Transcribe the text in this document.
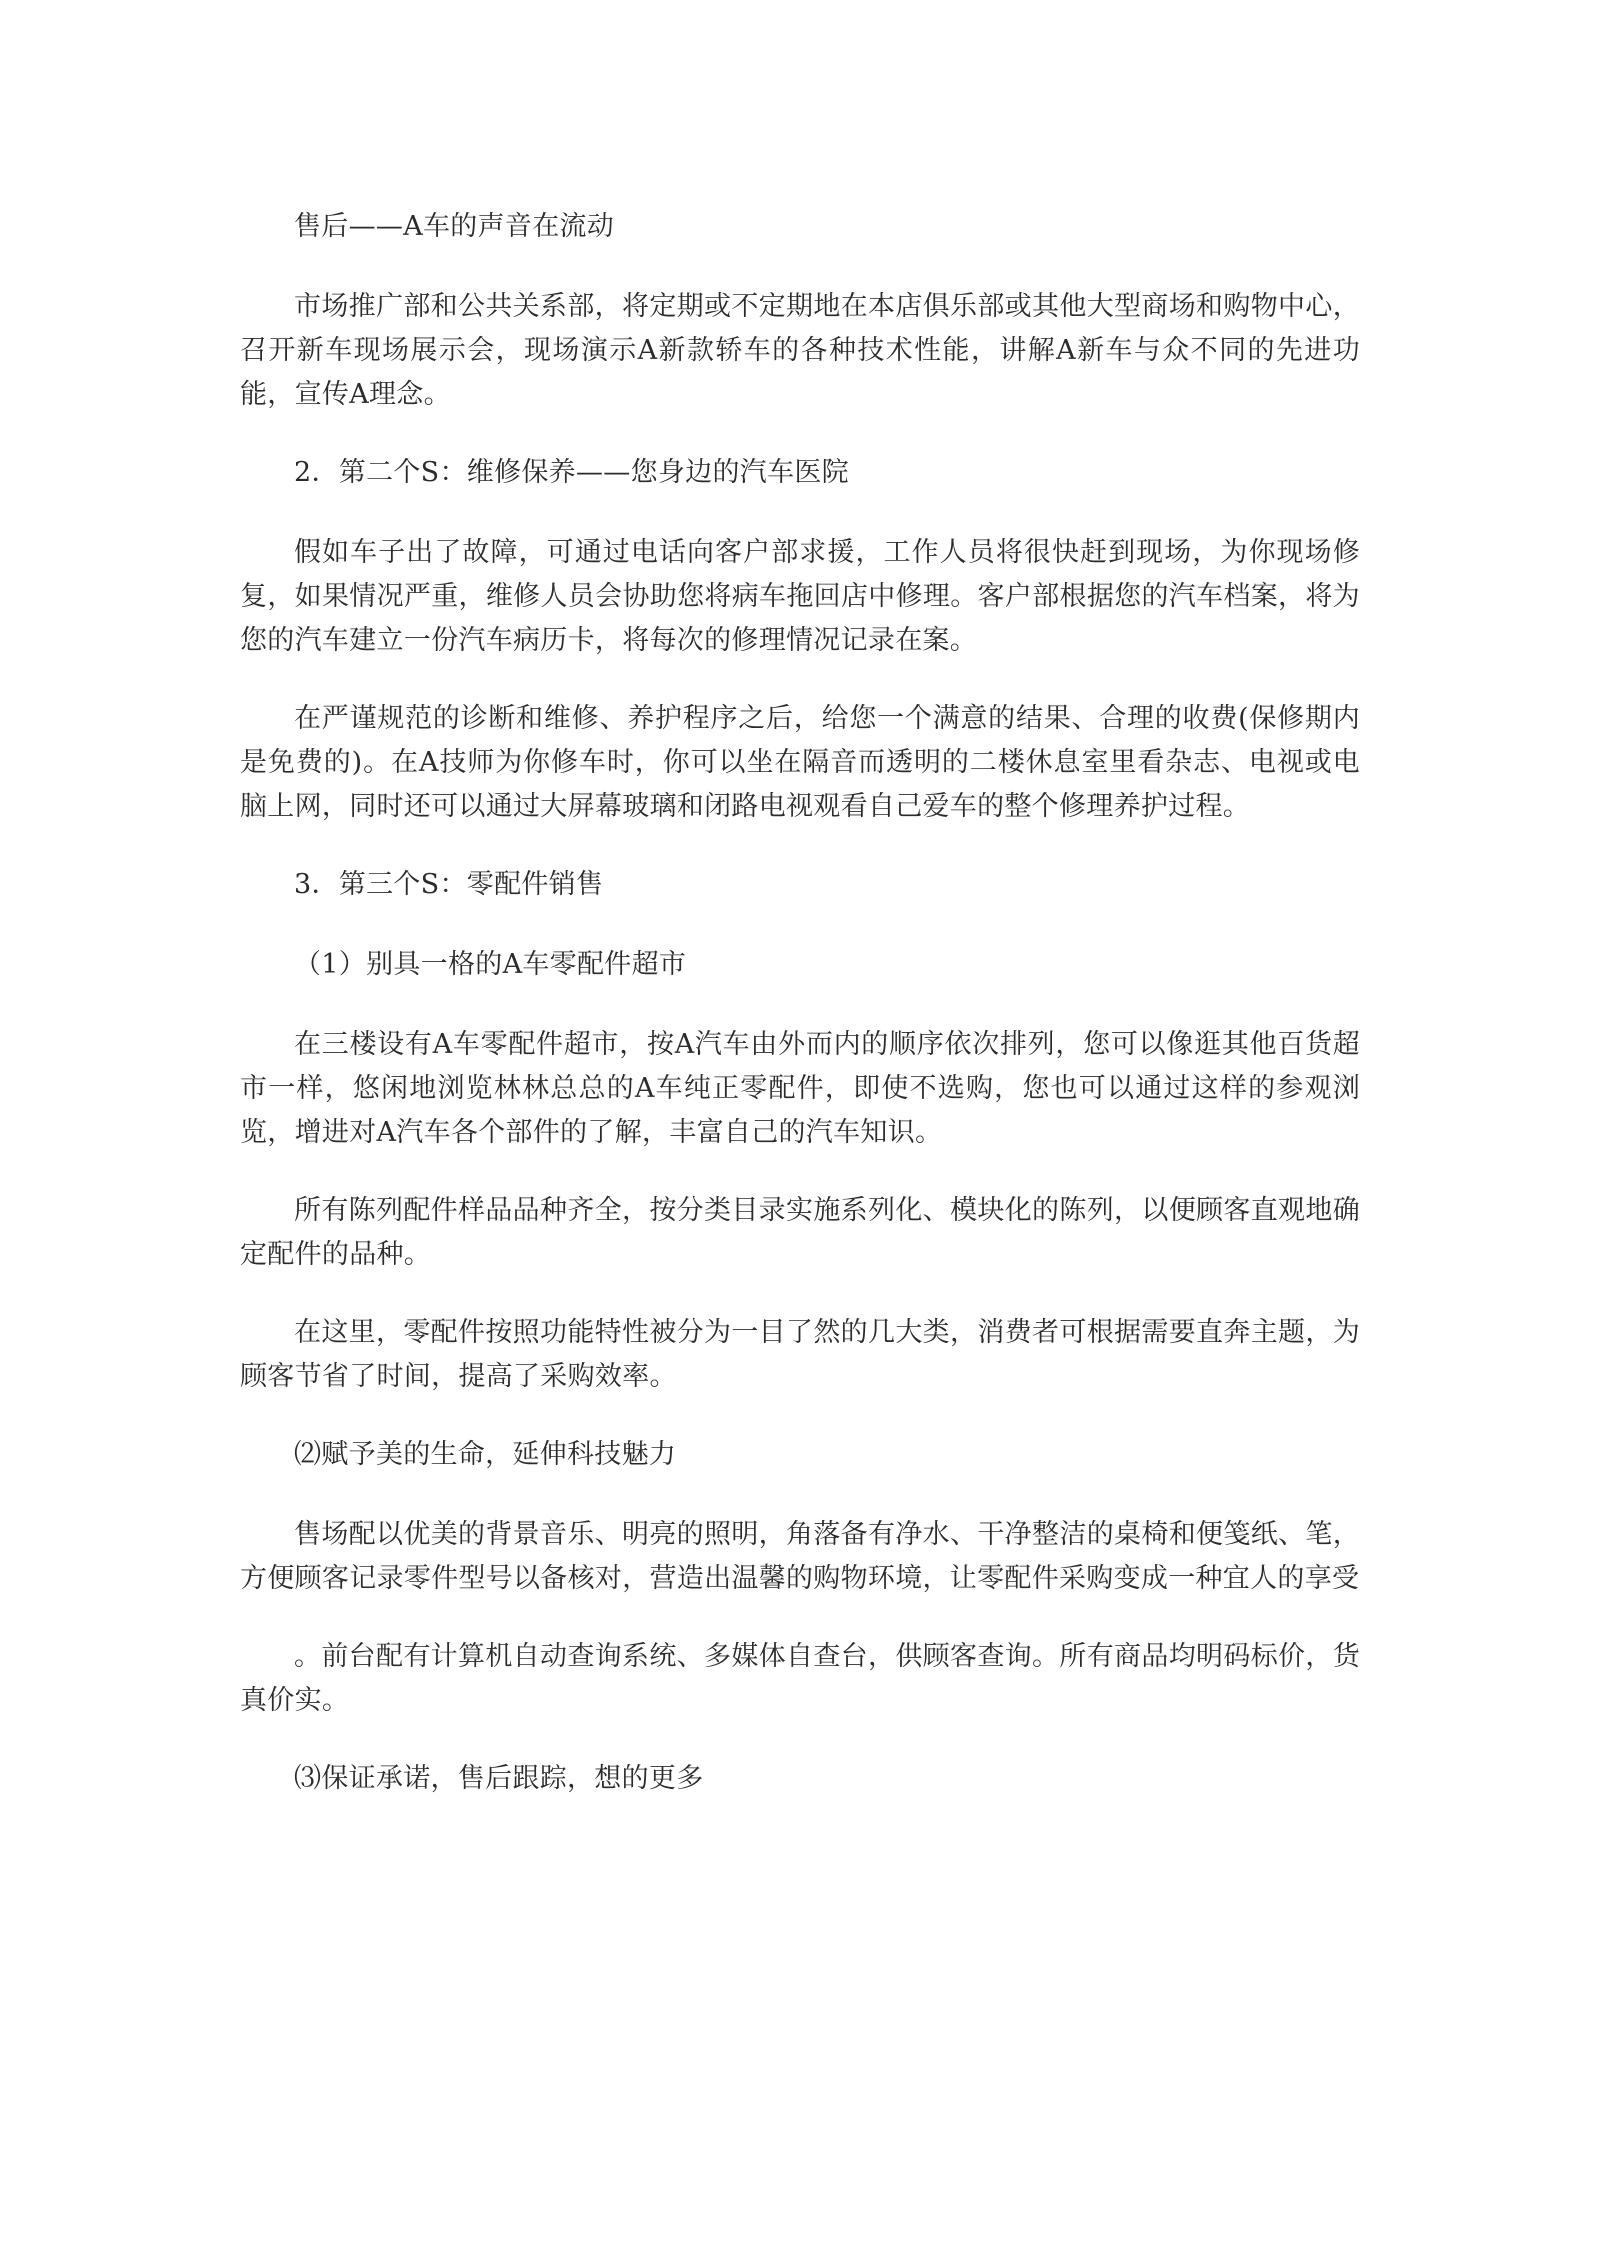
售后——A车的声音在流动

市场推广部和公共关系部，将定期或不定期地在本店俱乐部或其他大型商场和购物中心，召开新车现场展示会，现场演示A新款轿车的各种技术性能，讲解A新车与众不同的先进功能，宣传A理念。

2．第二个S：维修保养——您身边的汽车医院

假如车子出了故障，可通过电话向客户部求援，工作人员将很快赶到现场，为你现场修复，如果情况严重，维修人员会协助您将病车拖回店中修理。客户部根据您的汽车档案，将为您的汽车建立一份汽车病历卡，将每次的修理情况记录在案。

在严谨规范的诊断和维修、养护程序之后，给您一个满意的结果、合理的收费(保修期内是免费的)。在A技师为你修车时，你可以坐在隔音而透明的二楼休息室里看杂志、电视或电脑上网，同时还可以通过大屏幕玻璃和闭路电视观看自己爱车的整个修理养护过程。

3．第三个S：零配件销售

（1）别具一格的A车零配件超市

在三楼设有A车零配件超市，按A汽车由外而内的顺序依次排列，您可以像逛其他百货超市一样，悠闲地浏览林林总总的A车纯正零配件，即使不选购，您也可以通过这样的参观浏览，增进对A汽车各个部件的了解，丰富自己的汽车知识。

所有陈列配件样品品种齐全，按分类目录实施系列化、模块化的陈列，以便顾客直观地确定配件的品种。

在这里，零配件按照功能特性被分为一目了然的几大类，消费者可根据需要直奔主题，为顾客节省了时间，提高了采购效率。

⑵赋予美的生命，延伸科技魅力

售场配以优美的背景音乐、明亮的照明，角落备有净水、干净整洁的桌椅和便笺纸、笔，方便顾客记录零件型号以备核对，营造出温馨的购物环境，让零配件采购变成一种宜人的享受

。前台配有计算机自动查询系统、多媒体自查台，供顾客查询。所有商品均明码标价，货真价实。

⑶保证承诺，售后跟踪，想的更多
